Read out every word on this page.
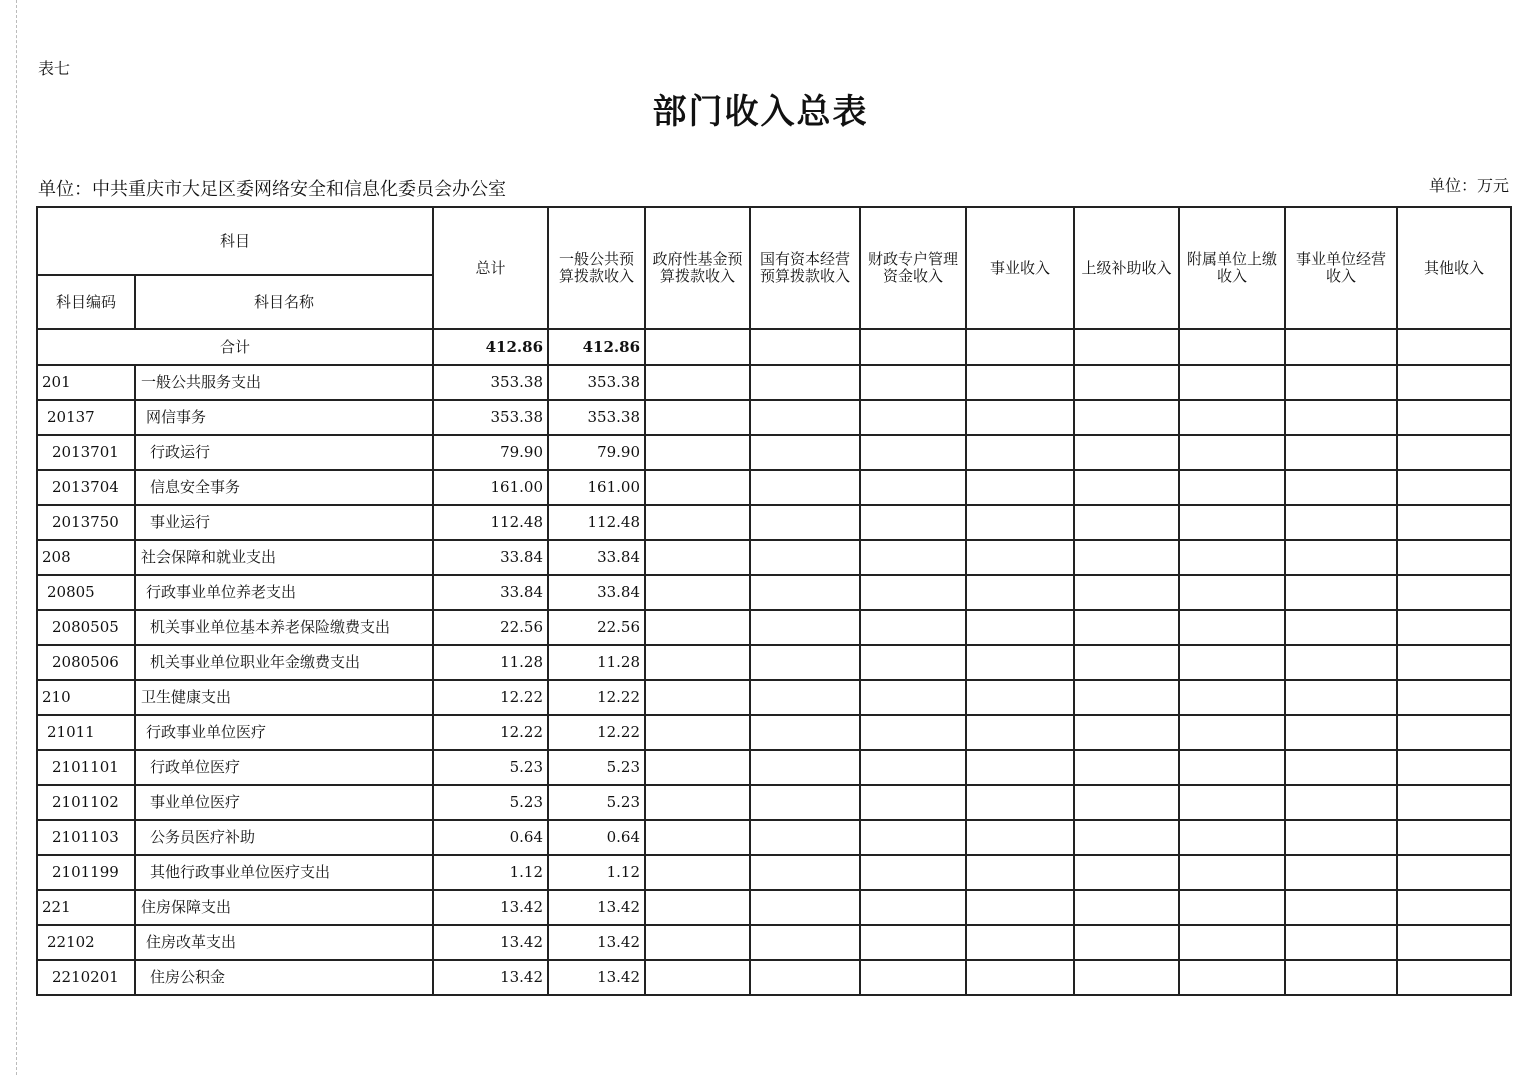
表七
部门收入总表
单位：中共重庆市大足区委网络安全和信息化委员会办公室	单位：万元
科目		总计	一般公共预算拨款收入	政府性基金预算拨款收入	国有资本经营预算拨款收入	财政专户管理资金收入	事业收入	上级补助收入	附属单位上缴收入	事业单位经营收入	其他收入
科目编码	科目名称										
合计		412.86	412.86								
201	一般公共服务支出	353.38	353.38								
20137	网信事务	353.38	353.38								
2013701	行政运行	79.90	79.90								
2013704	信息安全事务	161.00	161.00								
2013750	事业运行	112.48	112.48								
208	社会保障和就业支出	33.84	33.84								
20805	行政事业单位养老支出	33.84	33.84								
2080505	机关事业单位基本养老保险缴费支出	22.56	22.56								
2080506	机关事业单位职业年金缴费支出	11.28	11.28								
210	卫生健康支出	12.22	12.22								
21011	行政事业单位医疗	12.22	12.22								
2101101	行政单位医疗	5.23	5.23								
2101102	事业单位医疗	5.23	5.23								
2101103	公务员医疗补助	0.64	0.64								
2101199	其他行政事业单位医疗支出	1.12	1.12								
221	住房保障支出	13.42	13.42								
22102	住房改革支出	13.42	13.42								
2210201	住房公积金	13.42	13.42								
